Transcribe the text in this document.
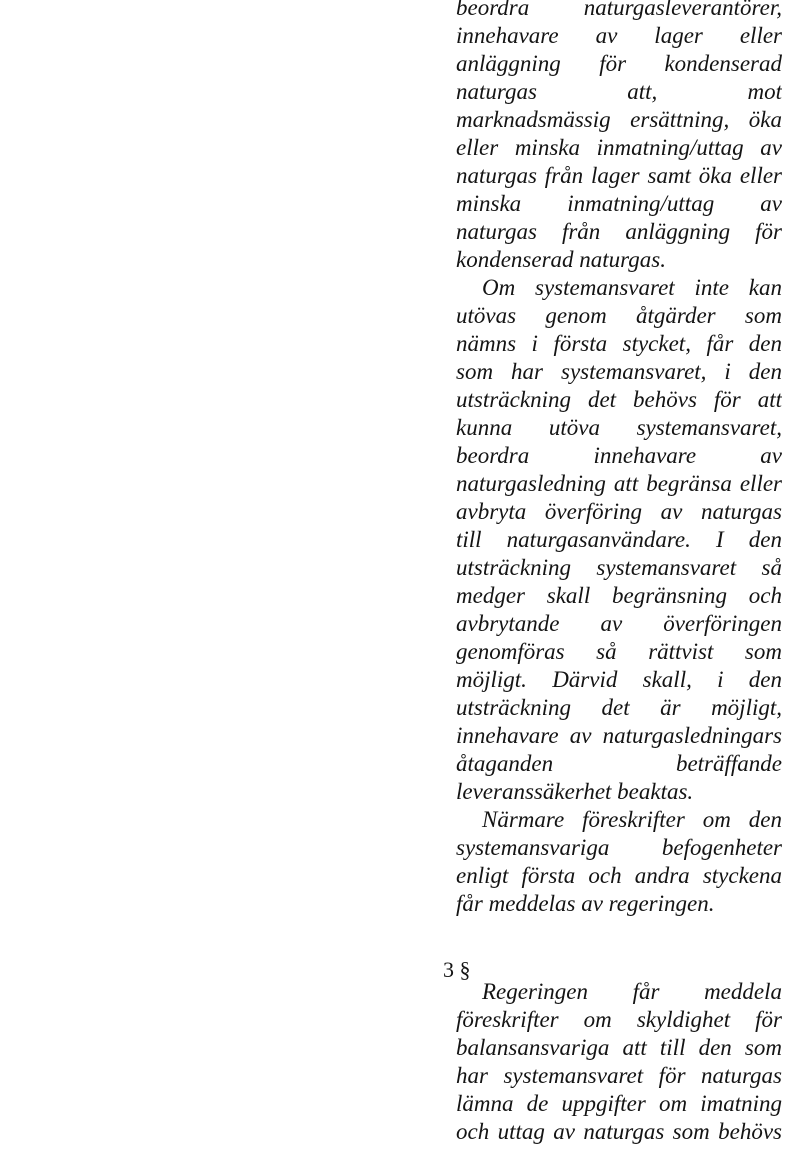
beordra naturgasleverantörer,
innehavare av lager eller
anläggning för kondenserad
naturgas att, mot
marknadsmässig ersättning, öka
eller minska inmatning/uttag av
naturgas från lager samt öka eller
minska inmatning/uttag av
naturgas från anläggning för
kondenserad naturgas.
Om systemansvaret inte kan
utövas genom åtgärder som
nämns i första stycket, får den
som har systemansvaret, i den
utsträckning det behövs för att
kunna utöva systemansvaret,
beordra innehavare av
naturgasledning att begränsa eller
avbryta överföring av naturgas
till naturgasanvändare. I den
utsträckning systemansvaret så
medger skall begränsning och
avbrytande av överföringen
genomföras så rättvist som
möjligt. Därvid skall, i den
utsträckning det är möjligt,
innehavare av naturgasledningars
åtaganden beträffande
leveranssäkerhet beaktas.
Närmare föreskrifter om den
systemansvariga befogenheter
enligt första och andra styckena
får meddelas av regeringen.
3 §
Regeringen får meddela
föreskrifter om skyldighet för
balansansvariga att till den som
har systemansvaret för naturgas
lämna de uppgifter om imatning
och uttag av naturgas som behövs
